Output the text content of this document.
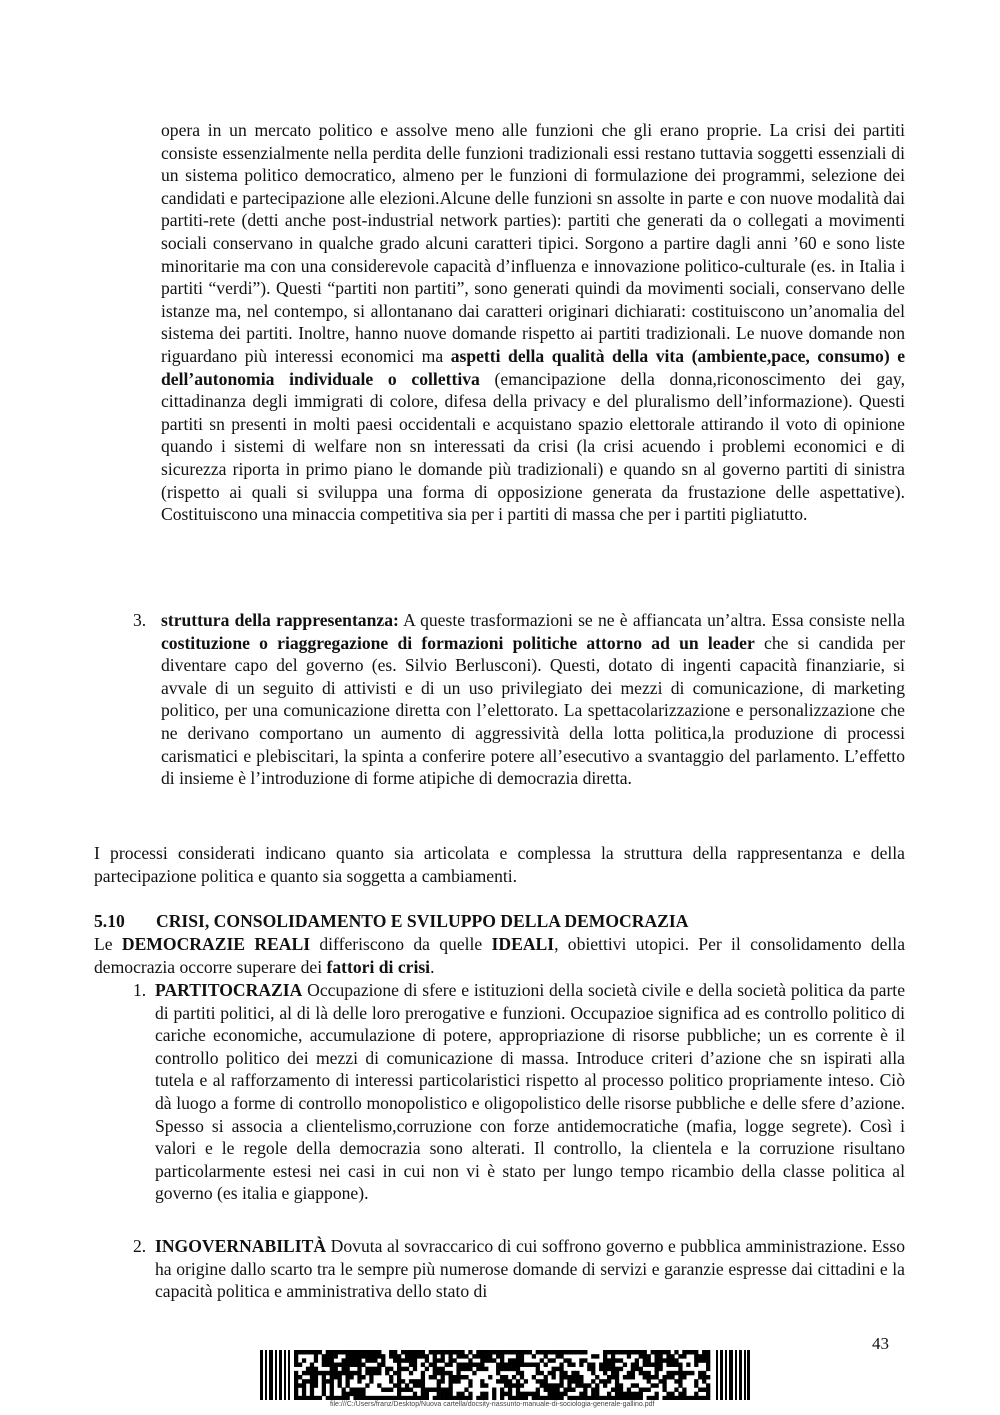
opera in un mercato politico e assolve meno alle funzioni che gli erano proprie. La crisi dei partiti consiste essenzialmente nella perdita delle funzioni tradizionali essi restano tuttavia soggetti essenziali di un sistema politico democratico, almeno per le funzioni di formulazione dei programmi, selezione dei candidati e partecipazione alle elezioni.Alcune delle funzioni sn assolte in parte e con nuove modalità dai partiti-rete (detti anche post-industrial network parties): partiti che generati da o collegati a movimenti sociali conservano in qualche grado alcuni caratteri tipici. Sorgono a partire dagli anni ’60 e sono liste minoritarie ma con una considerevole capacità d’influenza e innovazione politico-culturale (es. in Italia i partiti “verdi”). Questi “partiti non partiti”, sono generati quindi da movimenti sociali, conservano delle istanze ma, nel contempo, si allontanano dai caratteri originari dichiarati: costituiscono un’anomalia del sistema dei partiti. Inoltre, hanno nuove domande rispetto ai partiti tradizionali. Le nuove domande non riguardano più interessi economici ma aspetti della qualità della vita (ambiente,pace, consumo) e dell’autonomia individuale o collettiva (emancipazione della donna,riconoscimento dei gay, cittadinanza degli immigrati di colore, difesa della privacy e del pluralismo dell’informazione). Questi partiti sn presenti in molti paesi occidentali e acquistano spazio elettorale attirando il voto di opinione quando i sistemi di welfare non sn interessati da crisi (la crisi acuendo i problemi economici e di sicurezza riporta in primo piano le domande più tradizionali) e quando sn al governo partiti di sinistra (rispetto ai quali si sviluppa una forma di opposizione generata da frustazione delle aspettative). Costituiscono una minaccia competitiva sia per i partiti di massa che per i partiti pigliatutto.

3. struttura della rappresentanza: A queste trasformazioni se ne è affiancata un’altra. Essa consiste nella costituzione o riaggregazione di formazioni politiche attorno ad un leader che si candida per diventare capo del governo (es. Silvio Berlusconi). Questi, dotato di ingenti capacità finanziarie, si avvale di un seguito di attivisti e di un uso privilegiato dei mezzi di comunicazione, di marketing politico, per una comunicazione diretta con l’elettorato. La spettacolarizzazione e personalizzazione che ne derivano comportano un aumento di aggressività della lotta politica,la produzione di processi carismatici e plebiscitari, la spinta a conferire potere all’esecutivo a svantaggio del parlamento. L’effetto di insieme è l’introduzione di forme atipiche di democrazia diretta.

I processi considerati indicano quanto sia articolata e complessa la struttura della rappresentanza e della partecipazione politica e quanto sia soggetta a cambiamenti.

5.10 CRISI, CONSOLIDAMENTO E SVILUPPO DELLA DEMOCRAZIA

Le DEMOCRAZIE REALI differiscono da quelle IDEALI, obiettivi utopici. Per il consolidamento della democrazia occorre superare dei fattori di crisi.

1. PARTITOCRAZIA Occupazione di sfere e istituzioni della società civile e della società politica da parte di partiti politici, al di là delle loro prerogative e funzioni. Occupazioe significa ad es controllo politico di cariche economiche, accumulazione di potere, appropriazione di risorse pubbliche; un es corrente è il controllo politico dei mezzi di comunicazione di massa. Introduce criteri d’azione che sn ispirati alla tutela e al rafforzamento di interessi particolaristici rispetto al processo politico propriamente inteso. Ciò dà luogo a forme di controllo monopolistico e oligopolistico delle risorse pubbliche e delle sfere d’azione. Spesso si associa a clientelismo,corruzione con forze antidemocratiche (mafia, logge segrete). Così i valori e le regole della democrazia sono alterati. Il controllo, la clientela e la corruzione risultano particolarmente estesi nei casi in cui non vi è stato per lungo tempo ricambio della classe politica al governo (es italia e giappone).

2. INGOVERNABILITÀ Dovuta al sovraccarico di cui soffrono governo e pubblica amministrazione. Esso ha origine dallo scarto tra le sempre più numerose domande di servizi e garanzie espresse dai cittadini e la capacità politica e amministrativa dello stato di

43
file:///C:/Users/franz/Desktop/Nuova cartella/docsity-riassunto-manuale-di-sociologia-generale-gallino.pdf
